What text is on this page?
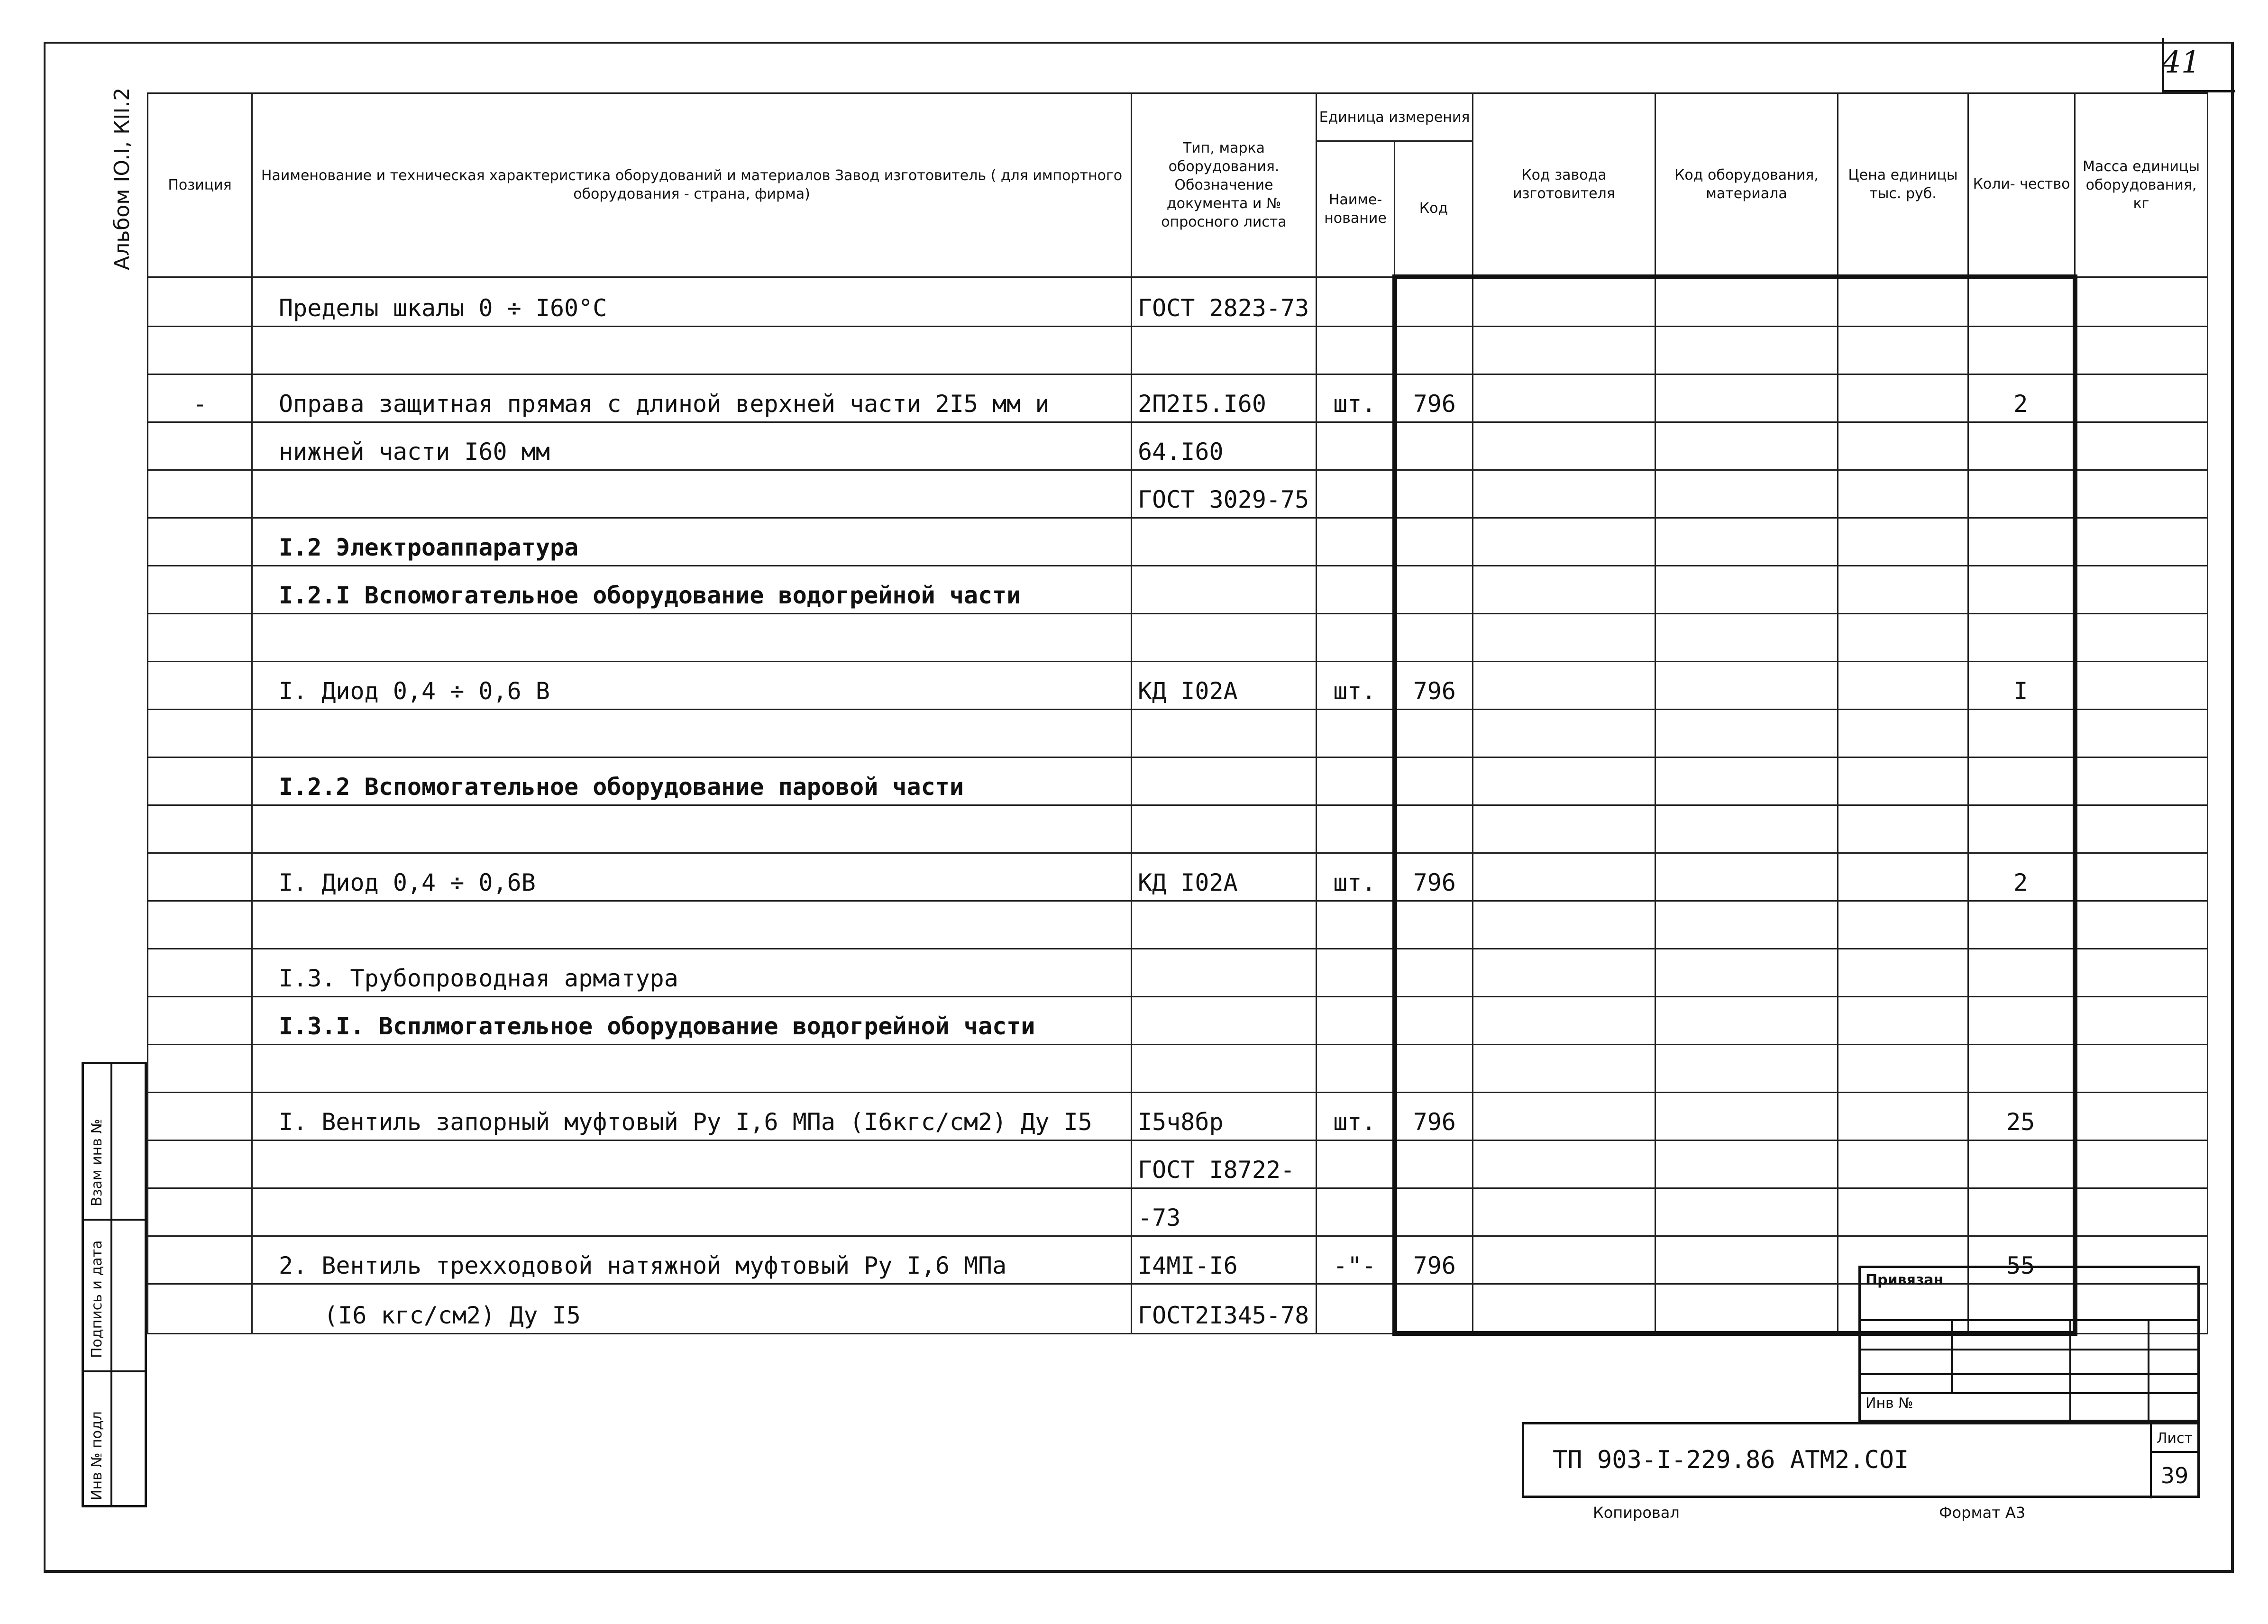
41
Альбом IO.I, КII.2	Позиция	Наименование и техническая характеристика оборудований и материалов Завод изготовитель ( для импортного оборудования - страна, фирма)	Тип, марка оборудования. Обозначение документа и № опросного листа	Единица измерения		Код завода изготовителя	Код оборудования, материала	Цена единицы тыс. руб.	Коли- чество	Масса единицы оборудования, кг
			Наиме- нование	Код					
	Пределы шкалы 0 ÷ I60°C	ГОСТ 2823-73							

-	Оправа защитная прямая с длиной верхней части 2I5 мм и	2П2I5.I60	шт.	796				2	
	нижней части I60 мм	64.I60							
		ГОСТ 3029-75							
	I.2 Электроаппаратура								
	I.2.I Вспомогательное оборудование водогрейной части								

	I. Диод 0,4 ÷ 0,6 В	КД I02А	шт.	796				I	

	I.2.2 Вспомогательное оборудование паровой части								

	I. Диод 0,4 ÷ 0,6В	КД I02А	шт.	796				2	

	I.3. Трубопроводная арматура								
	I.3.I. Всплмогательное оборудование водогрейной части								

	I. Вентиль запорный муфтовый Ру I,6 МПа (I6кгс/см2) Ду I5	I5ч8бр	шт.	796				25	
		ГОСТ I8722-							
		-73							
	2. Вентиль трехходовой натяжной муфтовый Ру I,6 МПа	I4МI-I6	-"-	796				55	
	(I6 кгс/см2) Ду I5	ГОСТ2I345-78							
Взам инв №
Подпись и дата
Инв № подл
Привязан
Инв №
ТП 903-I-229.86 АТМ2.СОI
Лист
39
Копировал	Формат А3
